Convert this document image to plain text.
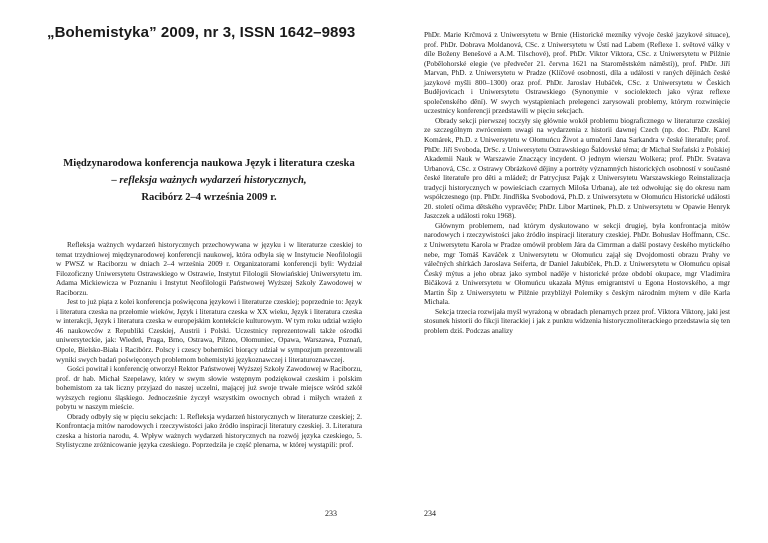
„Bohemistyka” 2009, nr 3, ISSN 1642–9893
Międzynarodowa konferencja naukowa Język i literatura czeska
– refleksja ważnych wydarzeń historycznych,
Racibórz 2–4 września 2009 r.

Refleksja ważnych wydarzeń historycznych przechowywana w języku i w literaturze czeskiej to temat trzydniowej międzynarodowej konferencji naukowej, która odbyła się w Instytucie Neofilologii w PWSZ w Raciborzu w dniach 2–4 września 2009 r. Organizatorami konferencji byli: Wydział Filozoficzny Uniwersytetu Ostrawskiego w Ostrawie, Instytut Filologii Słowiańskiej Uniwersytetu im. Adama Mickiewicza w Poznaniu i Instytut Neofilologii Państwowej Wyższej Szkoły Zawodowej w Raciborzu.

Jest to już piąta z kolei konferencja poświęcona językowi i literaturze czeskiej; poprzednie to: Język i literatura czeska na przełomie wieków, Język i literatura czeska w XX wieku, Język i literatura czeska w interakcji, Język i literatura czeska w europejskim kontekście kulturowym. W tym roku udział wzięło 46 naukowców z Republiki Czeskiej, Austrii i Polski. Uczestnicy reprezentowali także ośrodki uniwersyteckie, jak: Wiedeń, Praga, Brno, Ostrawa, Pilzno, Ołomuniec, Opawa, Warszawa, Poznań, Opole, Bielsko-Biała i Racibórz. Polscy i czescy bohemiści biorący udział w sympozjum prezentowali wyniki swych badań poświęconych problemom bohemistyki językoznawczej i literaturoznawczej.

Gości powitał i konferencję otworzył Rektor Państwowej Wyższej Szkoły Zawodowej w Raciborzu, prof. dr hab. Michał Szepelawy, który w swym słowie wstępnym podziękował czeskim i polskim bohemistom za tak liczny przyjazd do naszej uczelni, mającej już swoje trwałe miejsce wśród szkół wyższych regionu śląskiego. Jednocześnie życzył wszystkim owocnych obrad i miłych wrażeń z pobytu w naszym mieście.

Obrady odbyły się w pięciu sekcjach: 1. Refleksja wydarzeń historycznych w literaturze czeskiej; 2. Konfrontacja mitów narodowych i rzeczywistości jako źródło inspiracji literatury czeskiej. 3. Literatura czeska a historia narodu, 4. Wpływ ważnych wydarzeń historycznych na rozwój języka czeskiego, 5. Stylistyczne zróżnicowanie języka czeskiego. Poprzedziła je część plenarna, w której wystąpili: prof.

233

PhDr. Marie Krčmová z Uniwersytetu w Brnie (Historické mezníky vývoje české jazykové situace), prof. PhDr. Dobrava Moldanová, CSc. z Uniwersytetu w Ústí nad Labem (Reflexe 1. světové války v díle Boženy Benešové a A.M. Tilschové), prof. PhDr. Viktor Viktora, CSc. z Uniwersytetu w Pilźnie (Pobělohorské elegie (ve předvečer 21. června 1621 na Staroměstském náměstí)), prof. PhDr. Jiří Marvan, PhD. z Uniwersytetu w Pradze (Klíčové osobnosti, díla a události v raných dějinách české jazykové myšli 800–1300) oraz prof. PhDr. Jaroslav Hubáček, CSc. z Uniwersytetu w Českich Budějovicach i Uniwersytetu Ostrawskiego (Synonymie v sociolektech jako výraz reflexe společenského dění). W swych wystąpieniach prelegenci zarysowali problemy, którym rozwinięcie uczestnicy konferencji przedstawili w pięciu sekcjach.

Obrady sekcji pierwszej toczyły się głównie wokół problemu biograficznego w literaturze czeskiej ze szczególnym zwróceniem uwagi na wydarzenia z historii dawnej Czech (np. doc. PhDr. Karel Komárek, Ph.D. z Uniwersytetu w Ołomuńcu Život a umučení Jana Sarkandra v české literatuře; prof. PhDr. Jiří Svoboda, DrSc. z Uniwersytetu Ostrawskiego Šaldovské téma; dr Michał Stefański z Polskiej Akademii Nauk w Warszawie Znaczący incydent. O jednym wierszu Wolkera; prof. PhDr. Svatava Urbanová, CSc. z Ostrawy Obrázkové dějiny a portréty významných historických osobností v současné české literatuře pro děti a mládež; dr Patrycjusz Pająk z Uniwersytetu Warszawskiego Reinstalizacja tradycji historycznych w powieściach czarnych Miloša Urbana), ale też odwołując się do okresu nam współczesnego (np. PhDr. Jindřiška Svobodová, Ph.D. z Uniwersytetu w Ołomuńcu Historické události 20. století očima dětského vypravěče; PhDr. Libor Martinek, Ph.D. z Uniwersytetu w Opawie Henryk Jaszczek a události roku 1968).

Głównym problemem, nad którym dyskutowano w sekcji drugiej, była konfrontacja mitów narodowych i rzeczywistości jako źródło inspiracji literatury czeskiej. PhDr. Bohuslav Hoffmann, CSc. z Uniwersytetu Karola w Pradze omówił problem Jára da Cimrman a další postavy českého mytického nebe, mgr Tomáš Kaváček z Uniwersytetu w Ołomuńcu zajął się Dvojdomosti obrazu Prahy ve válečných shírkách Jaroslava Seiferta, dr Daniel Jakubíček, Ph.D. z Uniwersytetu w Ołomuńcu opisał Český mýtus a jeho obraz jako symbol naděje v historické próze období okupace, mgr Vladimíra Bičáková z Uniwersytetu w Ołomuńcu ukazała Mýtus emigrantství u Egona Hostovského, a mgr Martin Šíp z Uniwersytetu w Pilźnie przybliżył Polemiky s českým národním mýtem v díle Karla Michala.

Sekcja trzecia rozwijała myśl wyrażoną w obradach plenarnych przez prof. Viktora Viktorę, jaki jest stosunek historii do fikcji literackiej i jak z punktu widzenia historycznoliterackiego przedstawia się ten problem dziś. Podczas analizy

234
